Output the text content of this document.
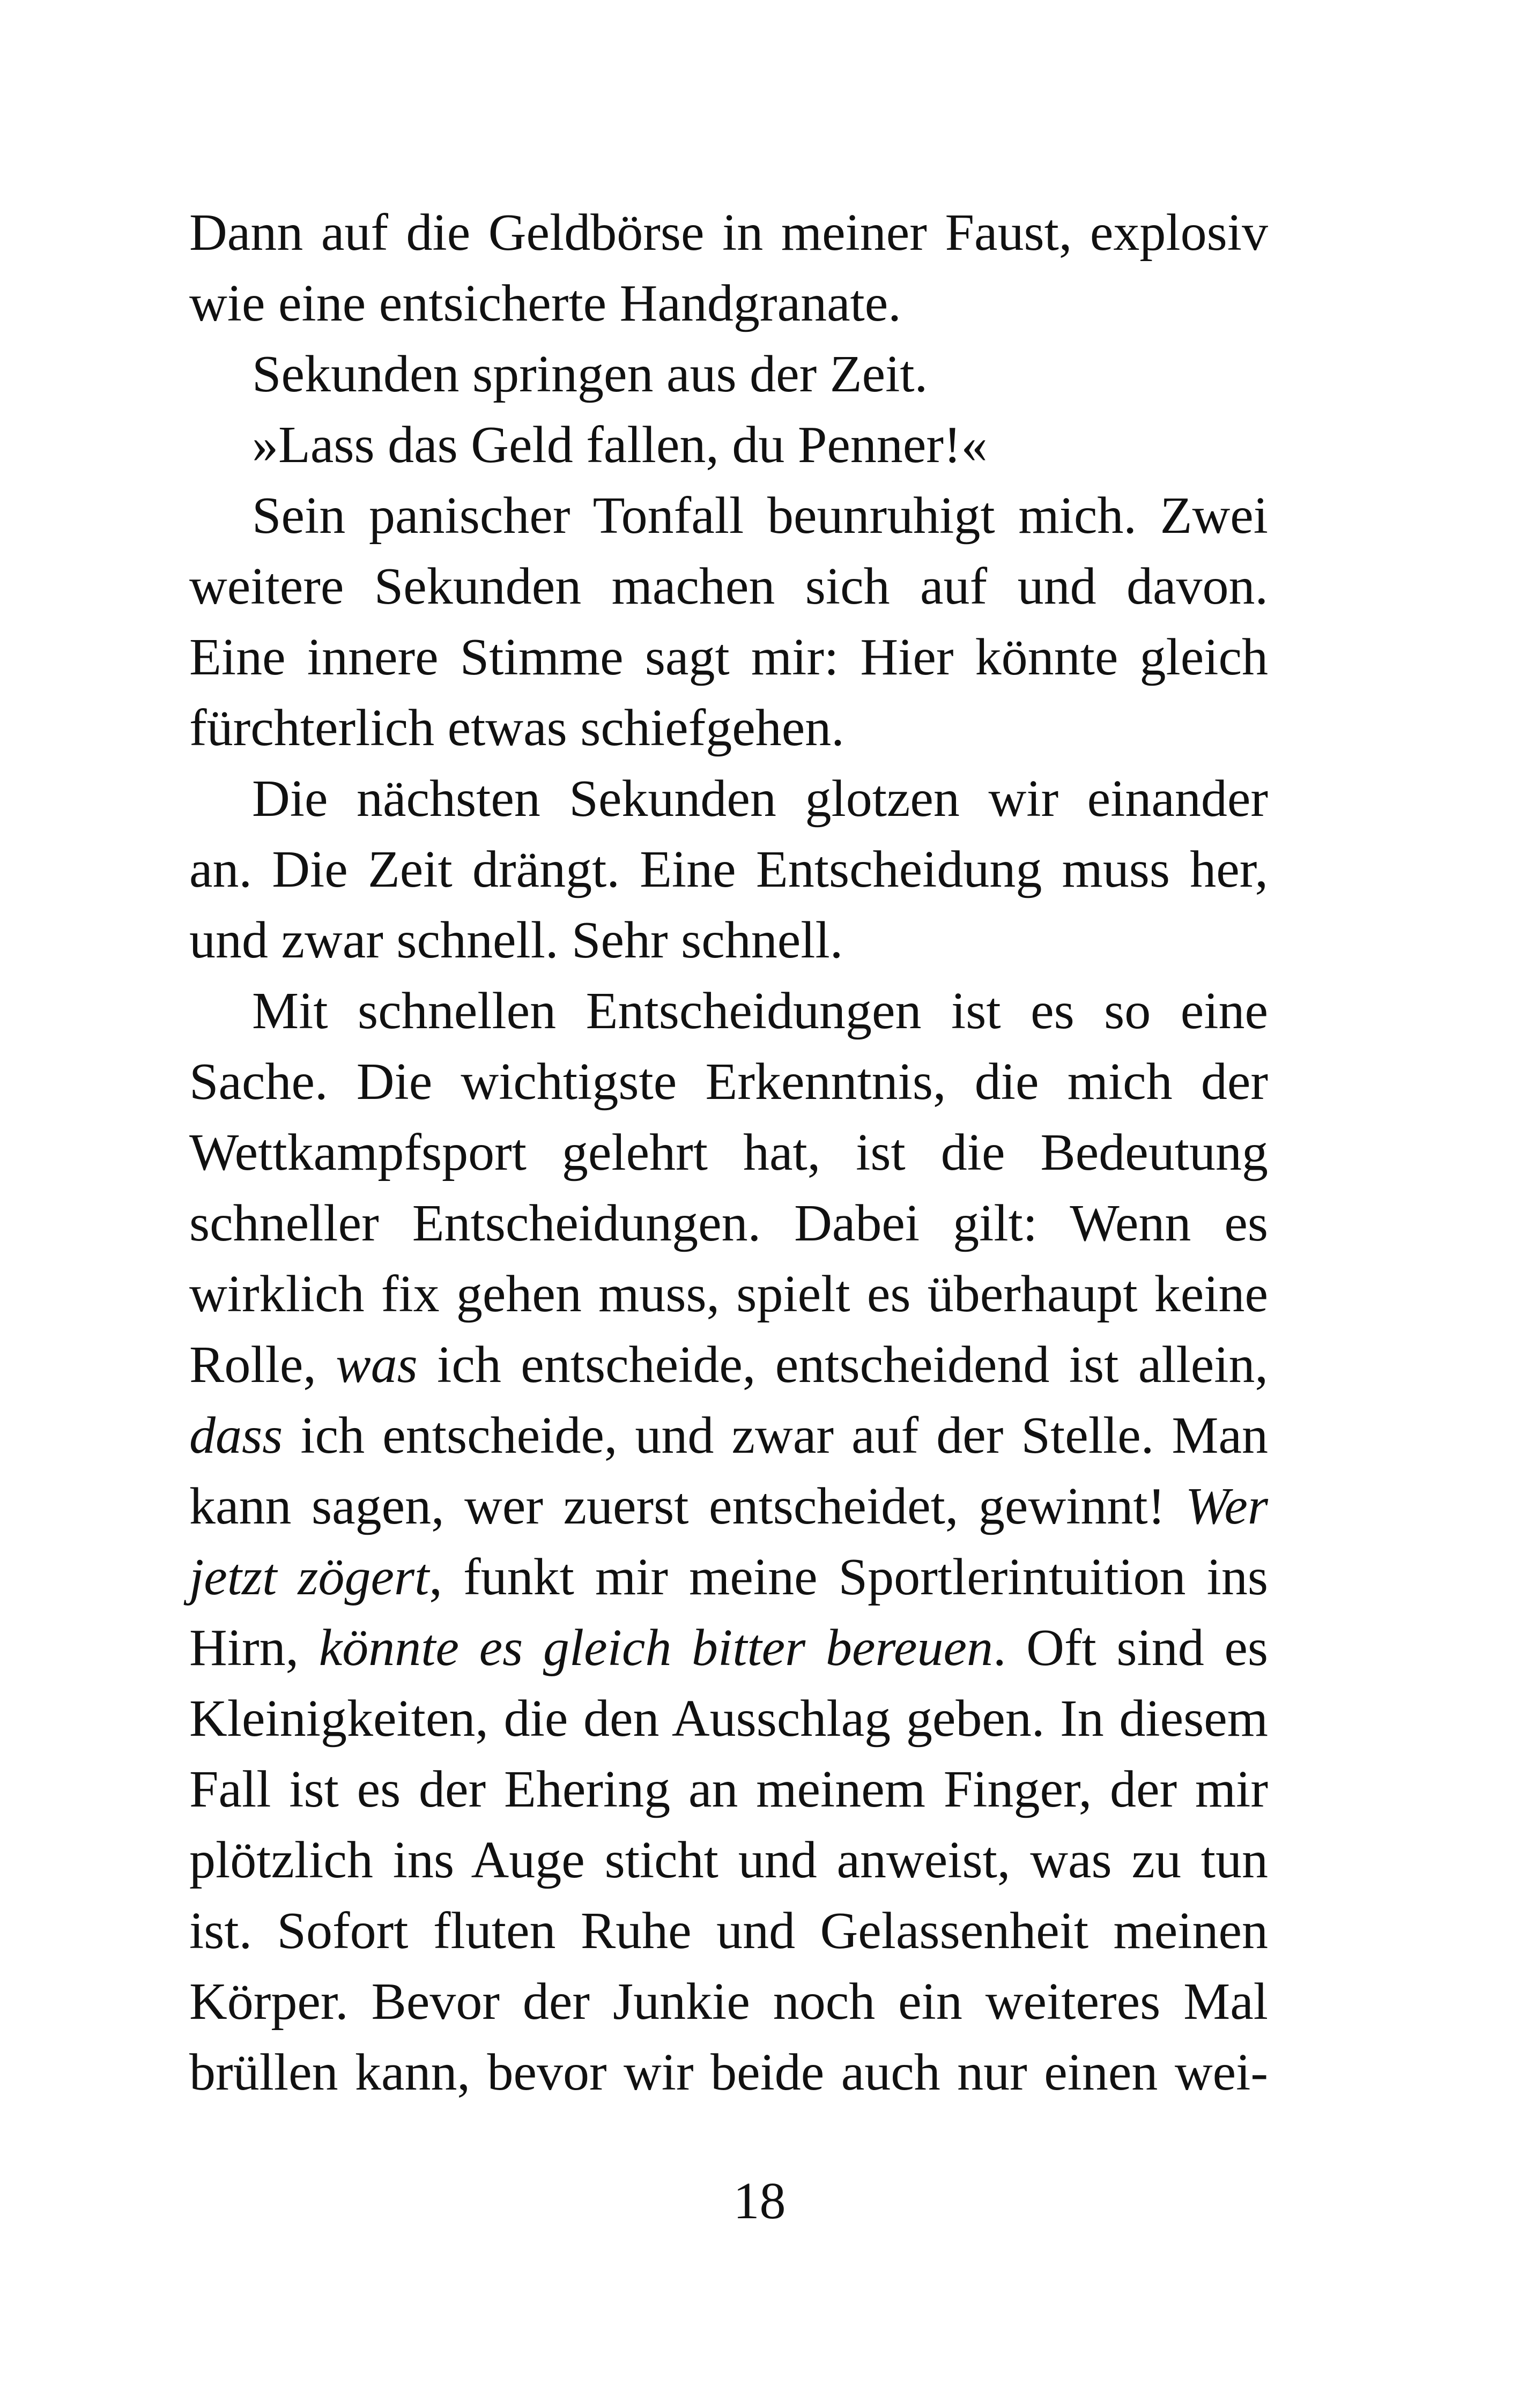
Dann auf die Geldbörse in meiner Faust, explosiv
wie eine entsicherte Handgranate.
Sekunden springen aus der Zeit.
»Lass das Geld fallen, du Penner!«
Sein panischer Tonfall beunruhigt mich. Zwei
weitere Sekunden machen sich auf und davon.
Eine innere Stimme sagt mir: Hier könnte gleich
fürchterlich etwas schiefgehen.
Die nächsten Sekunden glotzen wir einander
an. Die Zeit drängt. Eine Entscheidung muss her,
und zwar schnell. Sehr schnell.
Mit schnellen Entscheidungen ist es so eine
Sache. Die wichtigste Erkenntnis, die mich der
Wettkampfsport gelehrt hat, ist die Bedeutung
schneller Entscheidungen. Dabei gilt: Wenn es
wirklich fix gehen muss, spielt es überhaupt keine
Rolle, was ich entscheide, entscheidend ist allein,
dass ich entscheide, und zwar auf der Stelle. Man
kann sagen, wer zuerst entscheidet, gewinnt! Wer
jetzt zögert, funkt mir meine Sportlerintuition ins
Hirn, könnte es gleich bitter bereuen. Oft sind es
Kleinigkeiten, die den Ausschlag geben. In diesem
Fall ist es der Ehering an meinem Finger, der mir
plötzlich ins Auge sticht und anweist, was zu tun
ist. Sofort fluten Ruhe und Gelassenheit meinen
Körper. Bevor der Junkie noch ein weiteres Mal
brüllen kann, bevor wir beide auch nur einen wei-
18
